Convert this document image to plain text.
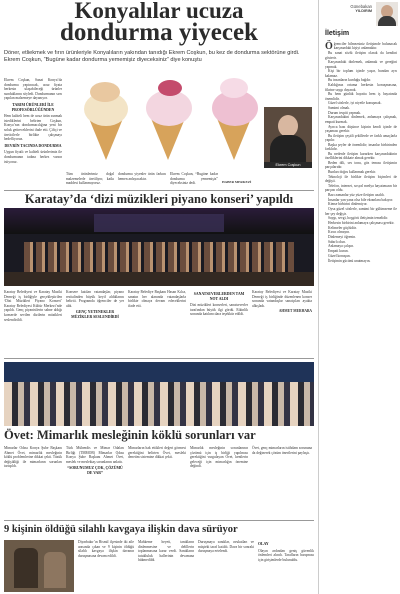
Konyalılar ucuza
dondurma yiyecek
Döner, etliekmek ve fırın ürünleriyle Konyalıların yakından tanıdığı Ekrem Coşkun, bu kez de dondurma sektörüne girdi. Ekrem Coşkun, “Bugüne kadar dondurma yememişiz diyeceksiniz” diye konuştu
Ekrem Coşkun, Sanat Konya’da dondurma yaptıracak, ucuz fiyata herkesin ulaşabileceği ürünler sunduklarını söyledi. Dondurmanın sırrı yapılan malzemeye dayanıyor.
TARIM ÜRÜNLERİ İLE PROFESÖRLÜĞÜNDEN
Hem kaliteli hem de ucuz ürün sunmak istediklerini belirten Coşkun, Konya’nın dondurmacılığına yeni bir soluk getireceklerini ifade etti. Çiftçi ve üreticilerle birlikte çalışmayı hedefliyoruz.
DEVRİN TACINDA DONDURMA
Uygun fiyatlı ve kaliteli ürünlerimiz ile dondurmanın tadına herkes varsın istiyoruz.
Ekrem Coşkun
Tüm ürünlerimiz doğal malzemelerle üretiliyor, katkı maddesi kullanmıyoruz.
dondurma yiyenler ürün farkını hemen anlayacaktır.
Ekrem Coşkun, “Bugüne kadar dondurma yememişiz” diyeceksiniz dedi.	HABER MERKEZİ
Karatay’da ‘dizi müzikleri piyano konseri’ yapıldı
Karatay Belediyesi ve Karatay Musiki Derneği iş birliğiyle gerçekleştirilen ‘Dizi Müzikleri Piyano Konseri’ Karatay Belediyesi Kültür Merkezi’nde yapıldı. Genç piyanistlerin sahne aldığı konserde sevilen dizilerin müzikleri seslendirildi.
Konsere katılan vatandaşlar, piyano resitalinden büyük keyif aldıklarını belirtti. Programda öğrenciler de yer aldı.
GENÇ YETENEKLER MÜZİKLER SESLENDİRDİ
Karatay Belediye Başkanı Hasan Kılca, sanatın her alanında vatandaşlarla birlikte olmaya devam edeceklerini ifade etti.
SANATSEVERLERDEN TAM NOT ALDI
Dizi müzikleri konserleri, sanatseverler tarafından büyük ilgi gördü. Etkinlik sonunda katılımcılara teşekkür edildi.
Karatay Belediyesi ve Karatay Musiki Derneği iş birliğinde düzenlenen konser sonunda vatandaşlar sanatçıları ayakta alkışladı.
AHMET MERHABA
Övet: Mimarlık mesleğinin köklü sorunları var
Mimarlar Odası Konya Şube Başkanı Ahmet Övet, mimarlık mesleğinin köklü problemlerine dikkat çekti. Tüzük değişikliği ile mimarların sorunları tartışıldı.
Türk Mühendis ve Mimar Odaları Birliği (TMMOB) Mimarlar Odası Konya Şube Başkanı Ahmet Övet, meslek ve meslektaş sorunlarını anlattı.
“SORUNUMUZ ÇOK, ÇÖZÜMÜ DE VAR”
Mimarların hak ettikleri değeri görmesi gerektiğini belirten Övet, mesleki denetim sistemine dikkat çekti.
Mimarlık mesleğinin sorunlarının çözümü için iş birliği yapılması gerektiğini vurgulayan Övet, kentlerin geleceği için mimarlığın önemine değindi.
Övet, genç mimarların istihdam sorununa da değinerek çözüm önerilerini paylaştı.
9 kişinin öldüğü silahlı kavgaya ilişkin dava sürüyor
Diyarbakır’ın Bismil ilçesinde iki aile arasında çıkan ve 9 kişinin öldüğü silahlı kavgaya ilişkin davanın duruşmasına devam edildi.
Mahkeme heyeti, tanıkların dinlenmesine ve delillerin toplanmasına karar verdi. Sanıkların tutukluluk hallerinin devamına hükmedildi.
Duruşmaya sanıklar, avukatları ve müşteki taraf katıldı. Dava bir sonraki duruşmaya ertelendi.
OLAY
Olayın ardından geniş güvenlik önlemleri alındı. Tarafların barışması için girişimlerde bulunuldu.
Günebakan
YILDIRIM
İletişim

Öğrenciler bilmezsiniz iletişimde bulunacak karşınızdaki kişiyi anlamaktır.

Bu sanat sözlü iletişim olarak da kendini gösterir.

Karşınızdaki dinlemek, anlamak ve gereğini yapmak.

Kişi bir toplum içinde yaşar, bundan ayrı kalamaz.

Bu insanların kurduğu bağdır.

Kaldığınız ortama herkesin konuşmasına, fikrine saygı duyarak.

Bu hem günlük hayatta hem iş hayatında önemlidir.

Güzel sözlerle, iyi niyetle konuşmak.

Samimi olmak.

Durum tespiti yapmak.

Karşınızdakini dinlemek, anlamaya çalışmak, empati kurmak.

Ayrıca bazı düşünce kişinin kendi içinde de yaşaması gerekir.

Bu iletişim çeşitli şekillerde ve farklı amaçlarla yapılır.

Başka şeyler de önemlidir; insanlar birbirinden farklıdır.

Bu nedenle iletişim kurarken karşınızdakinin özelliklerini dikkate almak gerekir.

Beden dili, ses tonu, göz teması iletişimin parçalarıdır.

Bunları doğru kullanmak gerekir.

Teknoloji ile birlikte iletişim biçimleri de değişti.

Telefon, internet, sosyal medya hayatımızın bir parçası oldu.

Bazı zamanlar yüz yüze iletişim azaldı.

İnsanlar yan yana olsa bile ekranlara bakıyor.

Kimse birbirini dinlemiyor.

Oysa güzel sözlerle, samimi bir gülümseme ile her şey değişir.

Saygı, sevgi, hoşgörü iletişimin temelidir.

Herkesin birbirini anlamaya çalışması gerekir.

Kelimeler güçlüdür.

Kırıcı olmayın.

Dinlemeyi öğrenin.

Sabırlı olun.

Anlamaya çalışın.

Empati kurun.

Güzel konuşun.

İletişimin gücünü unutmayın.
